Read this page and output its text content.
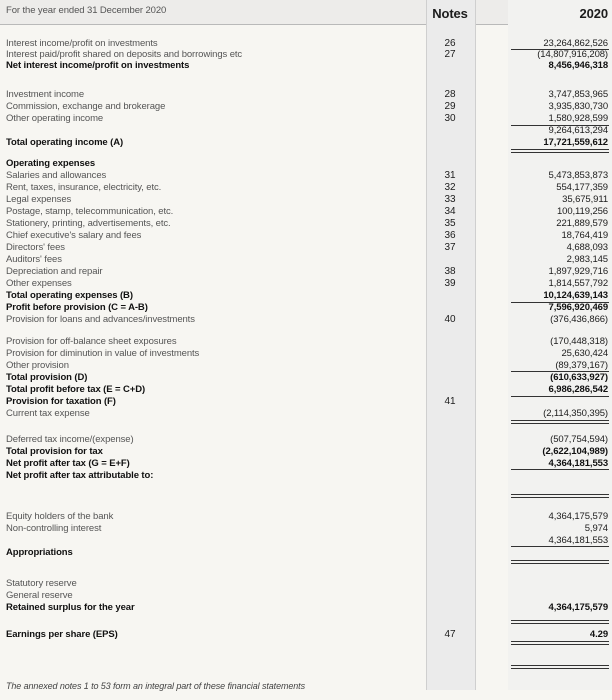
For the year ended 31 December 2020	Notes	2020
Interest income/profit on investments	26	23,264,862,526
Interest paid/profit shared on deposits and borrowings etc	27	(14,807,916,208)
Net interest income/profit on investments	8,456,946,318
Investment income	28	3,747,853,965
Commission, exchange and brokerage	29	3,935,830,730
Other operating income	30	1,580,928,599
9,264,613,294
Total operating income (A)	17,721,559,612
Operating expenses
Salaries and allowances	31	5,473,853,873
Rent, taxes, insurance, electricity, etc.	32	554,177,359
Legal expenses	33	35,675,911
Postage, stamp, telecommunication, etc.	34	100,119,256
Stationery, printing, advertisements, etc.	35	221,889,579
Chief executive's salary and fees	36	18,764,419
Directors' fees	37	4,688,093
Auditors' fees	2,983,145
Depreciation and repair	38	1,897,929,716
Other expenses	39	1,814,557,792
Total operating expenses (B)	10,124,639,143
Profit before provision (C = A-B)	7,596,920,469
Provision for loans and advances/investments	40	(376,436,866)
Provision for off-balance sheet exposures	(170,448,318)
Provision for diminution in value of investments	25,630,424
Other provision	(89,379,167)
Total provision (D)	(610,633,927)
Total profit before tax (E = C+D)	6,986,286,542
Provision for taxation (F)	41
Current tax expense	(2,114,350,395)
Deferred tax income/(expense)	(507,754,594)
Total provision for tax	(2,622,104,989)
Net profit after tax (G = E+F)	4,364,181,553
Net profit after tax attributable to:
Equity holders of the bank	4,364,175,579
Non-controlling interest	5,974
4,364,181,553
Appropriations
Statutory reserve
General reserve
Retained surplus for the year	4,364,175,579
Earnings per share (EPS)	47	4.29
The annexed notes 1 to 53 form an integral part of these financial statements
